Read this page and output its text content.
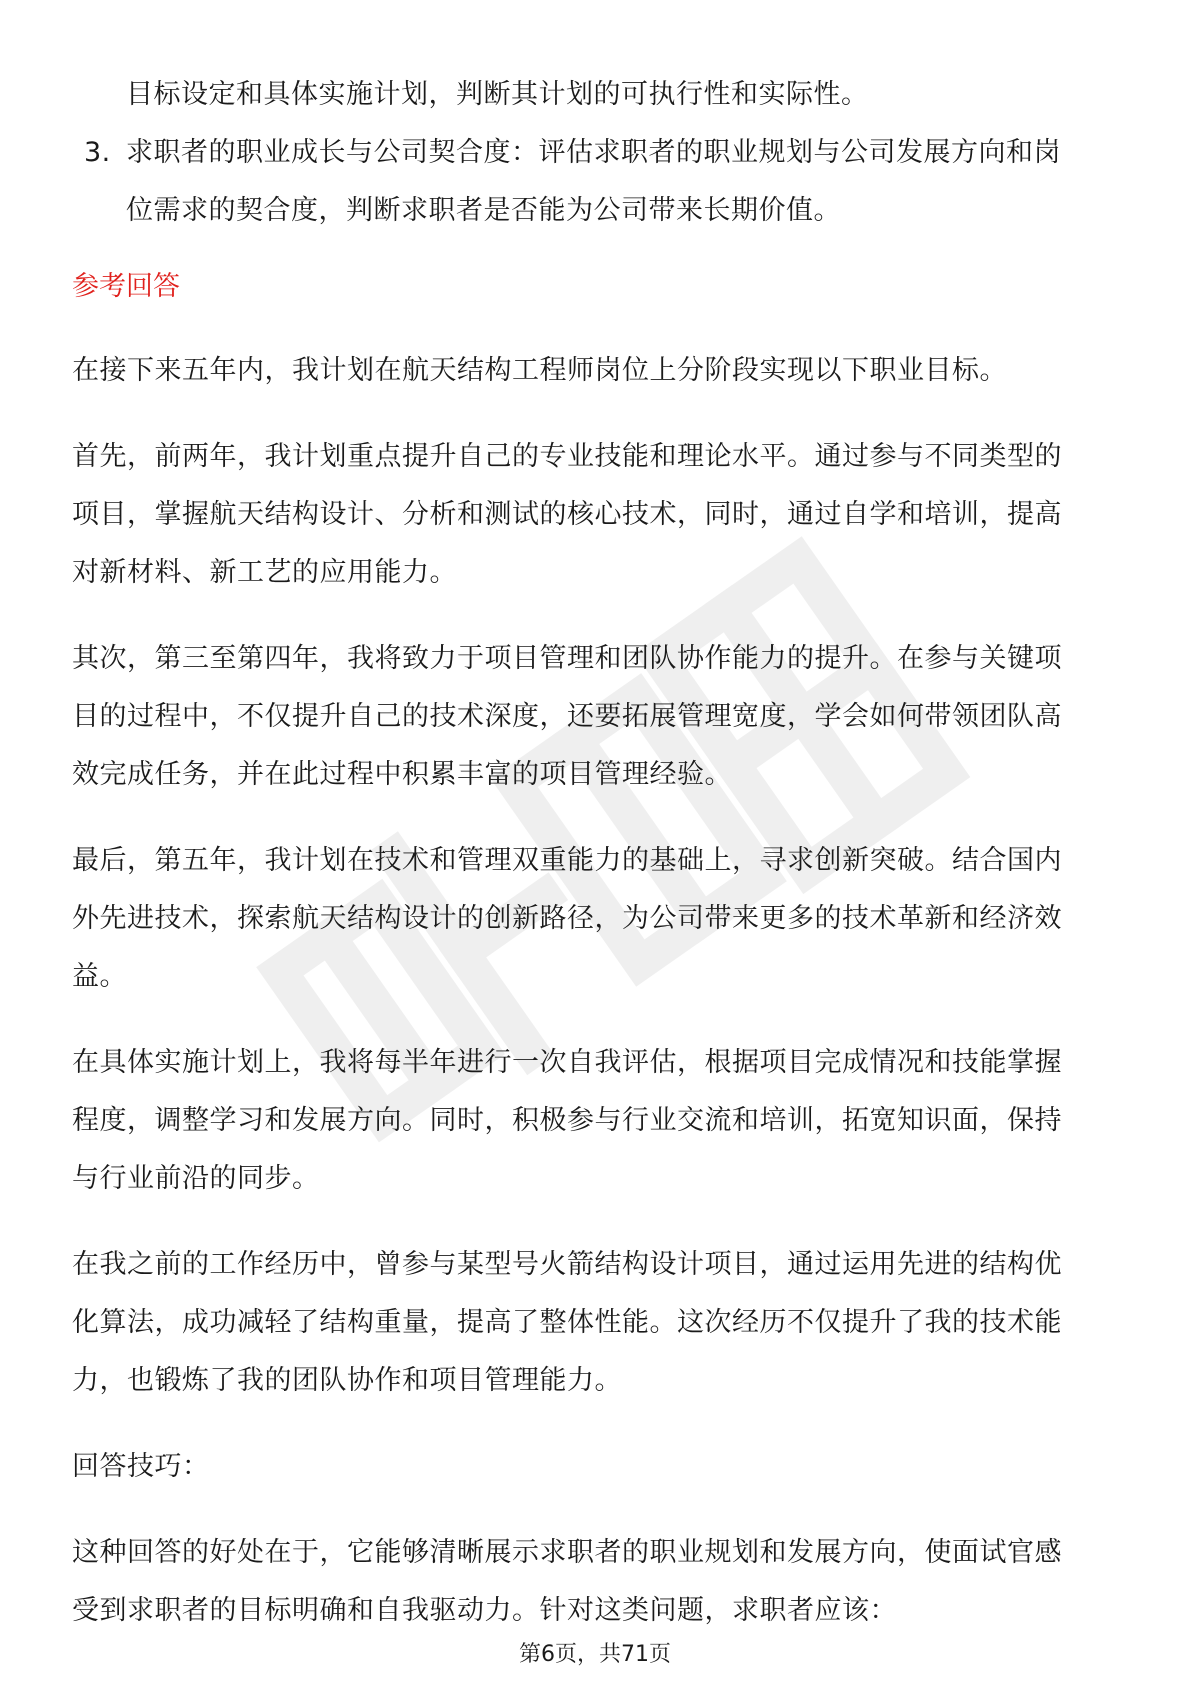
目标设定和具体实施计划，判断其计划的可执行性和实际性。
3. 求职者的职业成长与公司契合度：评估求职者的职业规划与公司发展方向和岗
位需求的契合度，判断求职者是否能为公司带来长期价值。
参考回答
在接下来五年内，我计划在航天结构工程师岗位上分阶段实现以下职业目标。
首先，前两年，我计划重点提升自己的专业技能和理论水平。通过参与不同类型的
项目，掌握航天结构设计、分析和测试的核心技术，同时，通过自学和培训，提高
对新材料、新工艺的应用能力。
其次，第三至第四年，我将致力于项目管理和团队协作能力的提升。在参与关键项
目的过程中，不仅提升自己的技术深度，还要拓展管理宽度，学会如何带领团队高
效完成任务，并在此过程中积累丰富的项目管理经验。
最后，第五年，我计划在技术和管理双重能力的基础上，寻求创新突破。结合国内
外先进技术，探索航天结构设计的创新路径，为公司带来更多的技术革新和经济效
益。
在具体实施计划上，我将每半年进行一次自我评估，根据项目完成情况和技能掌握
程度，调整学习和发展方向。同时，积极参与行业交流和培训，拓宽知识面，保持
与行业前沿的同步。
在我之前的工作经历中，曾参与某型号火箭结构设计项目，通过运用先进的结构优
化算法，成功减轻了结构重量，提高了整体性能。这次经历不仅提升了我的技术能
力，也锻炼了我的团队协作和项目管理能力。
回答技巧：
这种回答的好处在于，它能够清晰展示求职者的职业规划和发展方向，使面试官感
受到求职者的目标明确和自我驱动力。针对这类问题，求职者应该：
第6页，共71页
